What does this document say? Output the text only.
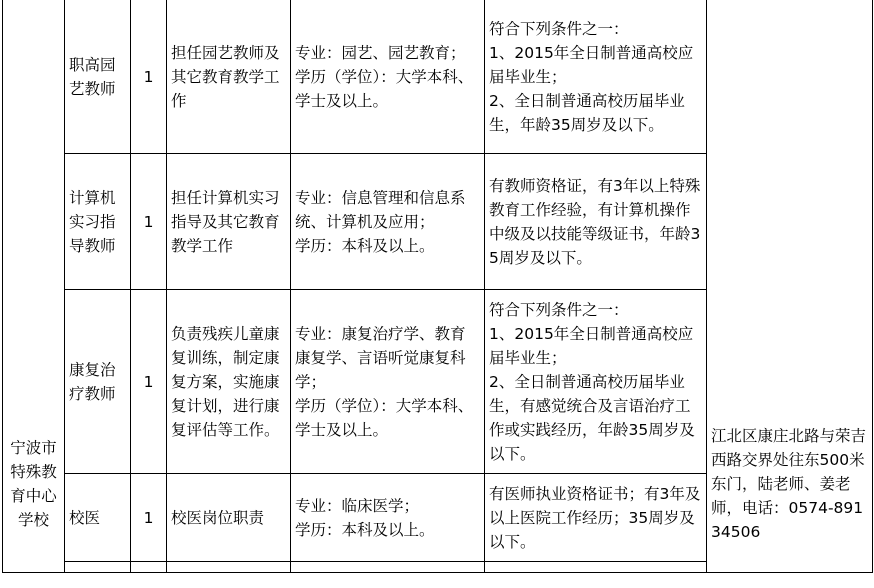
宁波市特殊教育中心学校	职高园艺教师	1	担任园艺教师及其它教育教学工作	专业：园艺、园艺教育；
学历（学位）：大学本科、学士及以上。	符合下列条件之一：
1、2015年全日制普通高校应届毕业生；
2、全日制普通高校历届毕业生，年龄35周岁及以下。	江北区康庄北路与荣吉西路交界处往东500米东门，陆老师、姜老师，电话：0574-89134506
	计算机实习指导教师	1	担任计算机实习指导及其它教育教学工作	专业：信息管理和信息系统、计算机及应用；
学历：本科及以上。	有教师资格证，有3年以上特殊教育工作经验，有计算机操作中级及以技能等级证书，年龄35周岁及以下。	

	康复治疗教师	1	负责残疾儿童康复训练，制定康复方案，实施康复计划，进行康复评估等工作。	专业：康复治疗学、教育康复学、言语听觉康复科学；
学历（学位）：大学本科、学士及以上。	符合下列条件之一：
1、2015年全日制普通高校应届毕业生；
2、全日制普通高校历届毕业生，有感觉统合及言语治疗工作或实践经历，年龄35周岁及以下。	

	校医	1	校医岗位职责	专业：临床医学；
学历：本科及以上。	有医师执业资格证书；有3年及以上医院工作经历；35周岁及以下。	
